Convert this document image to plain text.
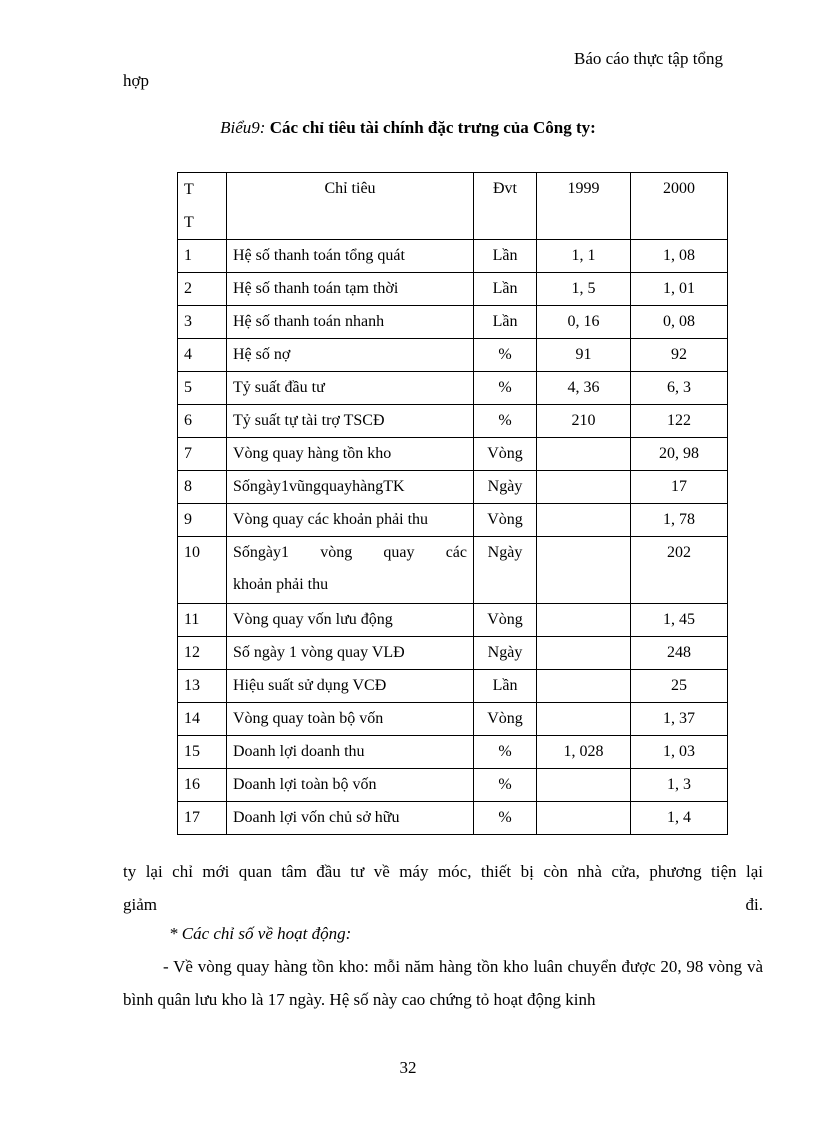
Báo cáo thực tập tổng
hợp
Biểu9: Các chỉ tiêu tài chính đặc trưng của Công ty:
T
T	Chỉ tiêu	Đvt	1999	2000
1	Hệ số thanh toán tổng quát	Lần	1, 1	1, 08
2	Hệ số thanh toán tạm thời	Lần	1, 5	1, 01
3	Hệ số thanh toán nhanh	Lần	0, 16	0, 08
4	Hệ số nợ	%	91	92
5	Tỷ suất đầu tư	%	4, 36	6, 3
6	Tỷ suất tự tài trợ TSCĐ	%	210	122
7	Vòng quay hàng tồn kho	Vòng		20, 98
8	Sốngày1vũngquayhàngTK	Ngày		17
9	Vòng quay các khoản phải thu	Vòng		1, 78
10	Sốngày1 vòng quay các
khoản phải thu	Ngày		202
11	Vòng quay vốn lưu động	Vòng		1, 45
12	Số ngày 1 vòng quay VLĐ	Ngày		248
13	Hiệu suất sử dụng VCĐ	Lần		25
14	Vòng quay toàn bộ vốn	Vòng		1, 37
15	Doanh lợi doanh thu	%	1, 028	1, 03
16	Doanh lợi toàn bộ vốn	%		1, 3
17	Doanh lợi vốn chủ sở hữu	%		1, 4
ty lại chỉ mới quan tâm đầu tư về máy móc, thiết bị còn nhà cửa, phương tiện lại
giảm	đi.
* Các chỉ số về hoạt động:
- Về vòng quay hàng tồn kho: mỗi năm hàng tồn kho luân chuyển được 20, 98 vòng và bình quân lưu kho là 17 ngày. Hệ số này cao chứng tỏ hoạt động kinh
32
